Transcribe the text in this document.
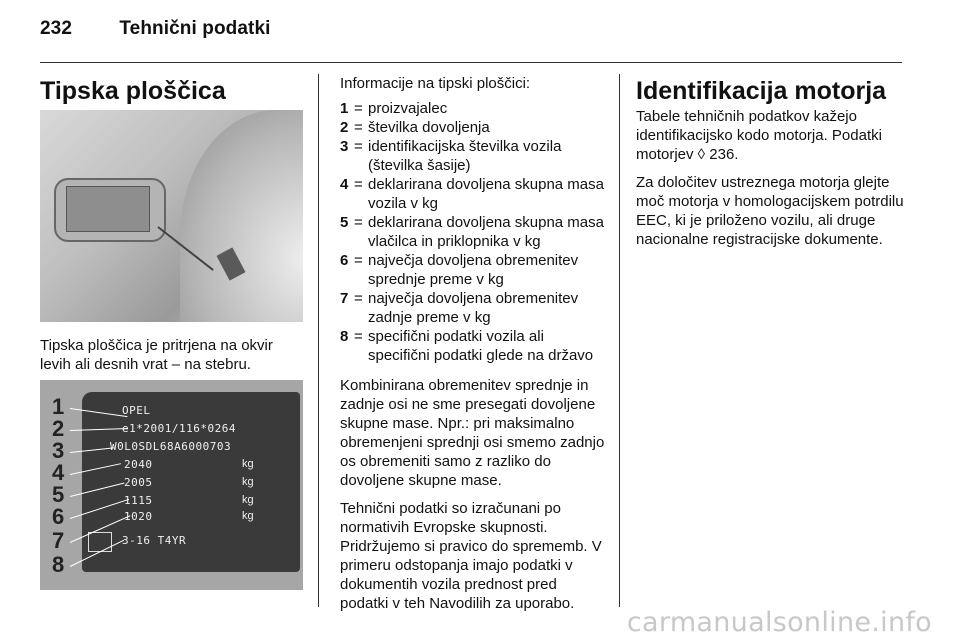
232 Tehnični podatki
Tipska ploščica

Tipska ploščica je pritrjena na okvir levih ali desnih vrat – na stebru.

OPEL
e1*2001/116*0264
W0L0SDL68A6000703
2040	kg
2005	kg
1115	kg
1020	kg
3-16 T4YR
1
2
3
4
5
6
7
8

Informacije na tipski ploščici:

1 = proizvajalec
2 = številka dovoljenja
3 = identifikacijska številka vozila (številka šasije)
4 = deklarirana dovoljena skupna masa vozila v kg
5 = deklarirana dovoljena skupna masa vlačilca in priklopnika v kg
6 = največja dovoljena obremenitev sprednje preme v kg
7 = največja dovoljena obremenitev zadnje preme v kg
8 = specifični podatki vozila ali specifični podatki glede na državo

Kombinirana obremenitev sprednje in zadnje osi ne sme presegati dovoljene skupne mase. Npr.: pri maksimalno obremenjeni sprednji osi smemo zadnjo os obremeniti samo z razliko do dovoljene skupne mase.

Tehnični podatki so izračunani po normativih Evropske skupnosti. Pridržujemo si pravico do sprememb. V primeru odstopanja imajo podatki v dokumentih vozila prednost pred podatki v teh Navodilih za uporabo.

Identifikacija motorja

Tabele tehničnih podatkov kažejo identifikacijsko kodo motorja. Podatki motorjev ◊ 236.

Za določitev ustreznega motorja glejte moč motorja v homologacijskem potrdilu EEC, ki je priloženo vozilu, ali druge nacionalne registracijske dokumente.

carmanualsonline.info
